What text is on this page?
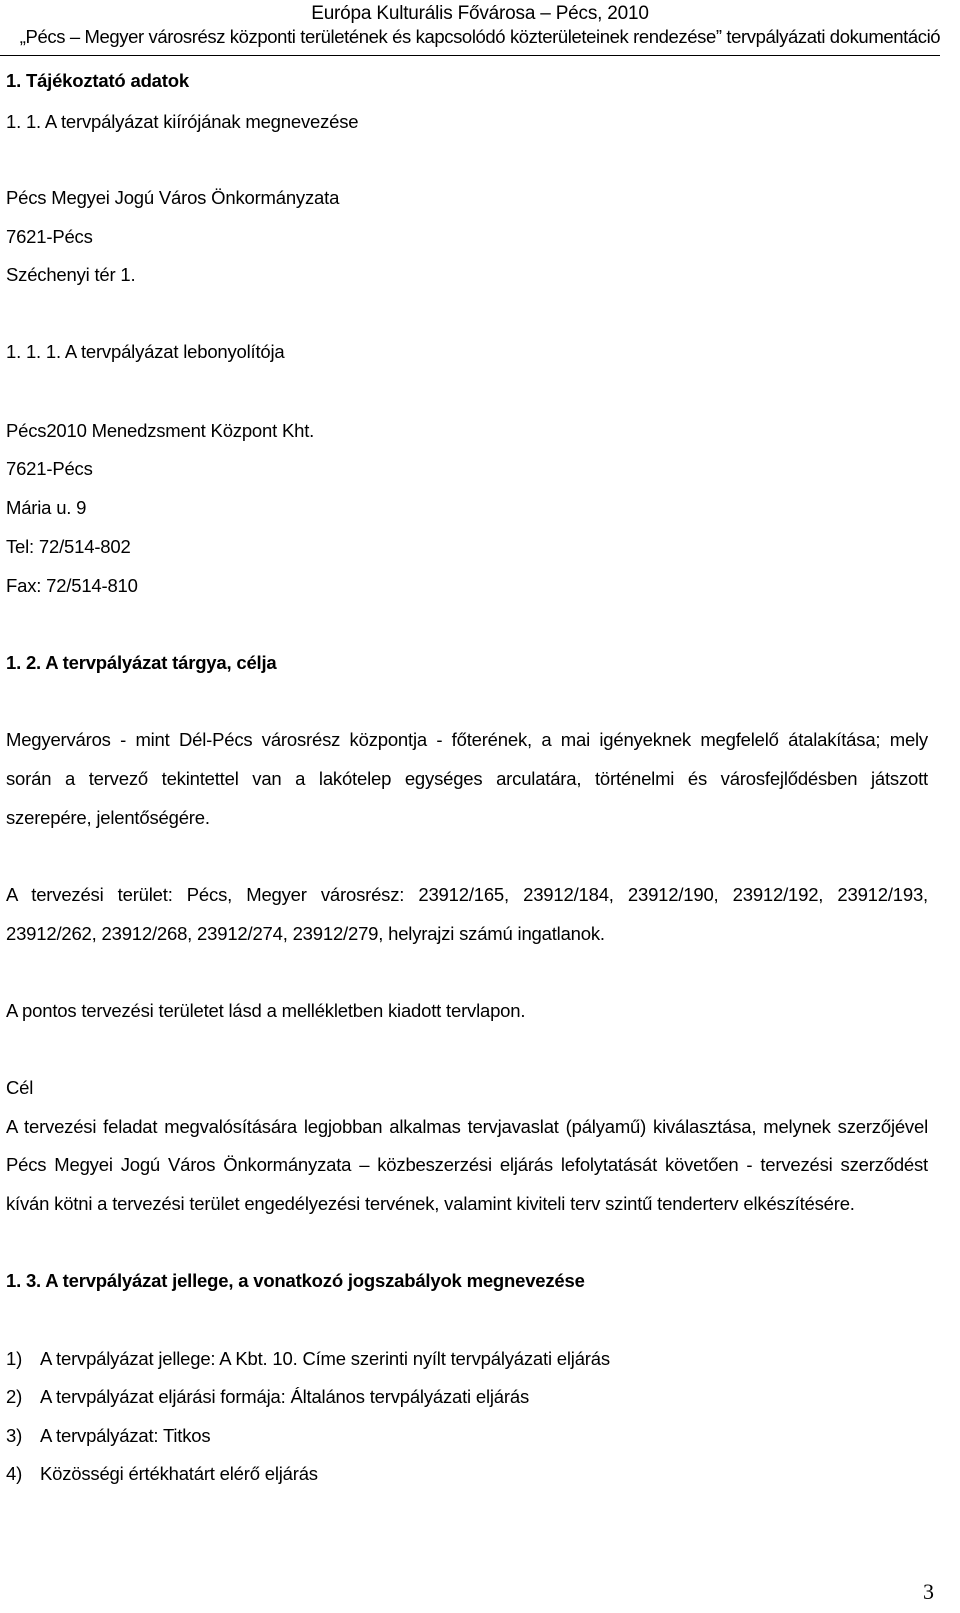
Európa Kulturális Fővárosa – Pécs, 2010
„Pécs – Megyer városrész központi területének és kapcsolódó közterületeinek rendezése” tervpályázati dokumentáció
1. Tájékoztató adatok
1. 1. A tervpályázat kiírójának megnevezése
Pécs Megyei Jogú Város Önkormányzata
7621-Pécs
Széchenyi tér 1.
1. 1. 1. A tervpályázat lebonyolítója
Pécs2010 Menedzsment Központ Kht.
7621-Pécs
Mária u. 9
Tel: 72/514-802
Fax: 72/514-810
1. 2. A tervpályázat tárgya, célja
Megyerváros - mint Dél-Pécs városrész központja - főterének, a mai igényeknek megfelelő átalakítása; mely
során a tervező tekintettel van a lakótelep egységes arculatára, történelmi és városfejlődésben játszott
szerepére, jelentőségére.
A tervezési terület: Pécs, Megyer városrész: 23912/165, 23912/184, 23912/190, 23912/192, 23912/193,
23912/262, 23912/268, 23912/274, 23912/279, helyrajzi számú ingatlanok.
A pontos tervezési területet lásd a mellékletben kiadott tervlapon.
Cél
A tervezési feladat megvalósítására legjobban alkalmas tervjavaslat (pályamű) kiválasztása, melynek szerzőjével
Pécs Megyei Jogú Város Önkormányzata – közbeszerzési eljárás lefolytatását követően - tervezési szerződést
kíván kötni a tervezési terület engedélyezési tervének, valamint kiviteli terv szintű tenderterv elkészítésére.
1. 3. A tervpályázat jellege, a vonatkozó jogszabályok megnevezése
1) A tervpályázat jellege: A Kbt. 10. Címe szerinti nyílt tervpályázati eljárás
2) A tervpályázat eljárási formája: Általános tervpályázati eljárás
3) A tervpályázat: Titkos
4) Közösségi értékhatárt elérő eljárás
3
